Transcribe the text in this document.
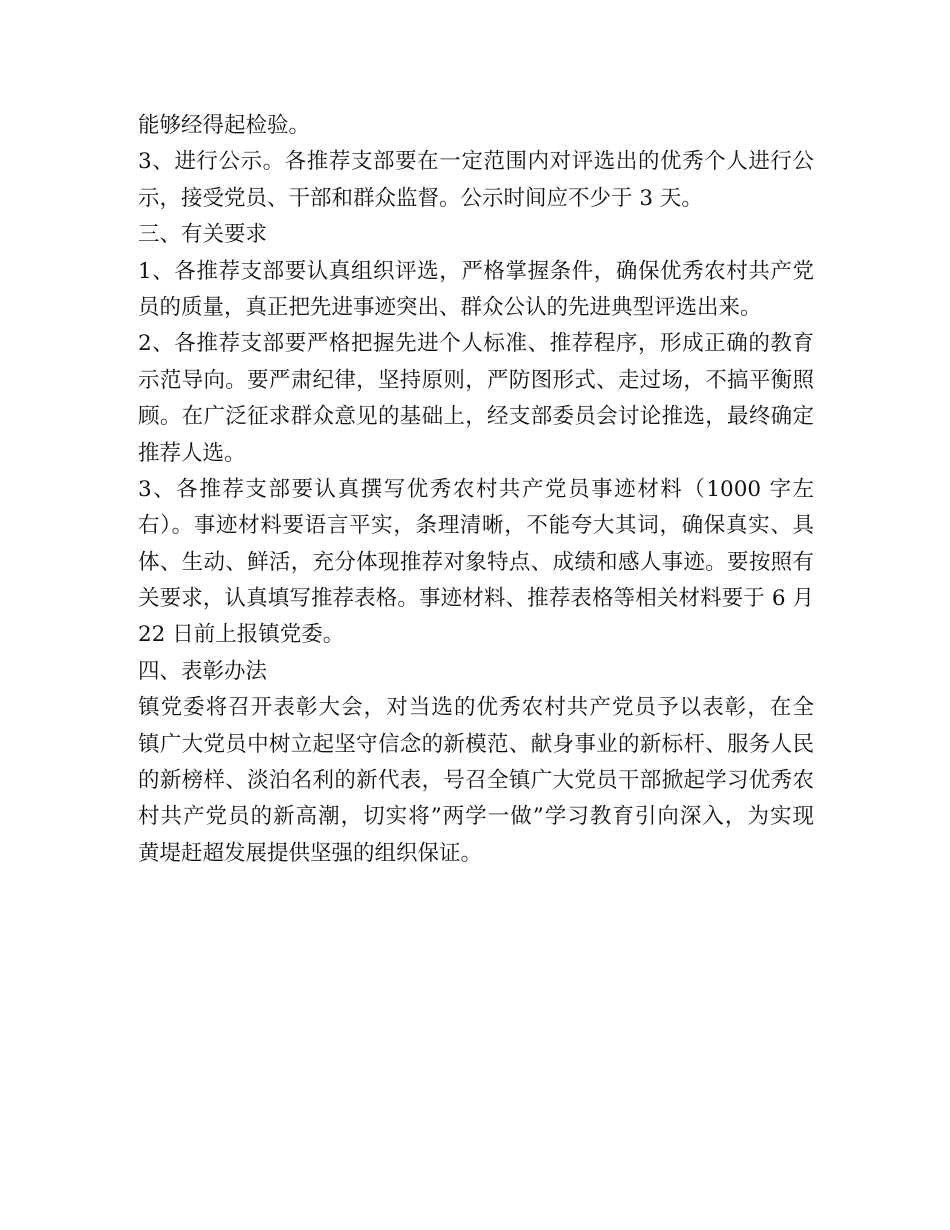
能够经得起检验。
3、进行公示。各推荐支部要在一定范围内对评选出的优秀个人进行公
示，接受党员、干部和群众监督。公示时间应不少于 3 天。
三、有关要求
1、各推荐支部要认真组织评选，严格掌握条件，确保优秀农村共产党
员的质量，真正把先进事迹突出、群众公认的先进典型评选出来。
2、各推荐支部要严格把握先进个人标准、推荐程序，形成正确的教育
示范导向。要严肃纪律，坚持原则，严防图形式、走过场，不搞平衡照
顾。在广泛征求群众意见的基础上，经支部委员会讨论推选，最终确定
推荐人选。
3、各推荐支部要认真撰写优秀农村共产党员事迹材料（1000 字左
右）。事迹材料要语言平实，条理清晰，不能夸大其词，确保真实、具
体、生动、鲜活，充分体现推荐对象特点、成绩和感人事迹。要按照有
关要求，认真填写推荐表格。事迹材料、推荐表格等相关材料要于 6 月
22 日前上报镇党委。
四、表彰办法
镇党委将召开表彰大会，对当选的优秀农村共产党员予以表彰，在全
镇广大党员中树立起坚守信念的新模范、献身事业的新标杆、服务人民
的新榜样、淡泊名利的新代表，号召全镇广大党员干部掀起学习优秀农
村共产党员的新高潮，切实将”两学一做”学习教育引向深入，为实现
黄堤赶超发展提供坚强的组织保证。
